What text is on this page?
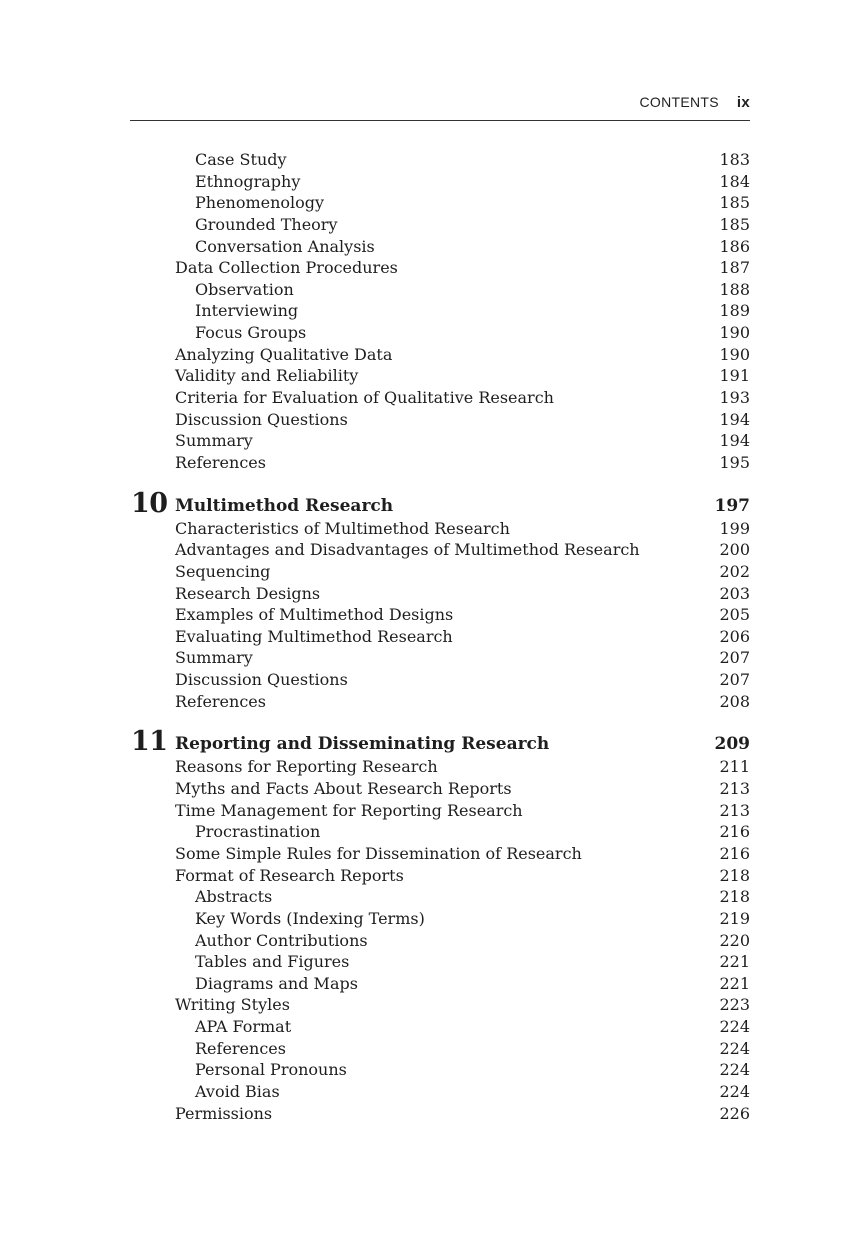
CONTENTS ix
Case Study	183
Ethnography	184
Phenomenology	185
Grounded Theory	185
Conversation Analysis	186
Data Collection Procedures	187
Observation	188
Interviewing	189
Focus Groups	190
Analyzing Qualitative Data	190
Validity and Reliability	191
Criteria for Evaluation of Qualitative Research	193
Discussion Questions	194
Summary	194
References	195
10 Multimethod Research	197
Characteristics of Multimethod Research	199
Advantages and Disadvantages of Multimethod Research	200
Sequencing	202
Research Designs	203
Examples of Multimethod Designs	205
Evaluating Multimethod Research	206
Summary	207
Discussion Questions	207
References	208
11 Reporting and Disseminating Research	209
Reasons for Reporting Research	211
Myths and Facts About Research Reports	213
Time Management for Reporting Research	213
Procrastination	216
Some Simple Rules for Dissemination of Research	216
Format of Research Reports	218
Abstracts	218
Key Words (Indexing Terms)	219
Author Contributions	220
Tables and Figures	221
Diagrams and Maps	221
Writing Styles	223
APA Format	224
References	224
Personal Pronouns	224
Avoid Bias	224
Permissions	226
